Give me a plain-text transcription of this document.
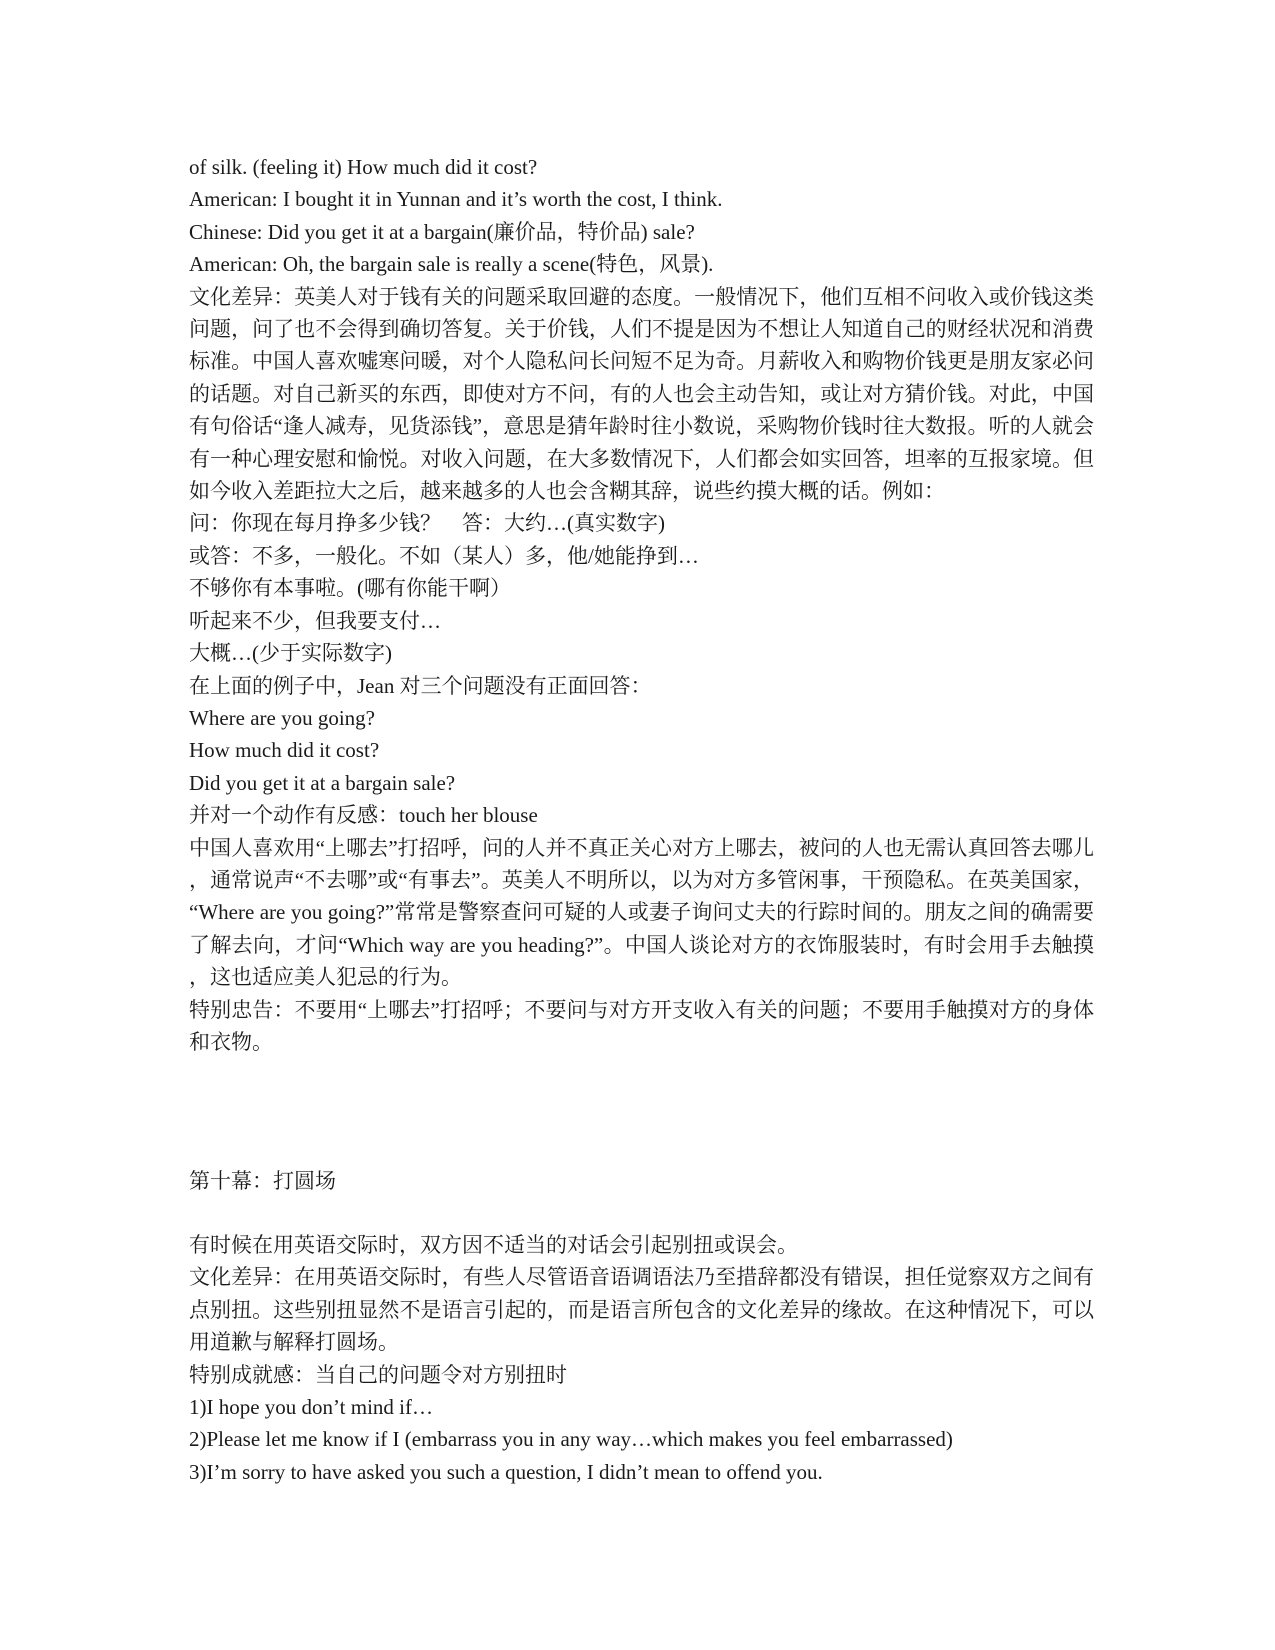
of silk. (feeling it) How much did it cost?
American: I bought it in Yunnan and it’s worth the cost, I think.
Chinese: Did you get it at a bargain(廉价品，特价品) sale?
American: Oh, the bargain sale is really a scene(特色，风景).
文化差异：英美人对于钱有关的问题采取回避的态度。一般情况下，他们互相不问收入或价钱这类问题，问了也不会得到确切答复。关于价钱，人们不提是因为不想让人知道自己的财经状况和消费标准。中国人喜欢嘘寒问暖，对个人隐私问长问短不足为奇。月薪收入和购物价钱更是朋友家必问的话题。对自己新买的东西，即使对方不问，有的人也会主动告知，或让对方猜价钱。对此，中国有句俗话“逢人减寿，见货添钱”，意思是猜年龄时往小数说，采购物价钱时往大数报。听的人就会有一种心理安慰和愉悦。对收入问题，在大多数情况下，人们都会如实回答，坦率的互报家境。但如今收入差距拉大之后，越来越多的人也会含糊其辞，说些约摸大概的话。例如：
问：你现在每月挣多少钱？　答：大约…(真实数字)
或答：不多，一般化。不如（某人）多，他/她能挣到…
不够你有本事啦。(哪有你能干啊）
听起来不少，但我要支付…
大概…(少于实际数字)
在上面的例子中，Jean 对三个问题没有正面回答：
Where are you going?
How much did it cost?
Did you get it at a bargain sale?
并对一个动作有反感：touch her blouse
中国人喜欢用“上哪去”打招呼，问的人并不真正关心对方上哪去，被问的人也无需认真回答去哪儿，通常说声“不去哪”或“有事去”。英美人不明所以，以为对方多管闲事，干预隐私。在英美国家，“Where are you going?”常常是警察查问可疑的人或妻子询问丈夫的行踪时间的。朋友之间的确需要了解去向，才问“Which way are you heading?”。中国人谈论对方的衣饰服装时，有时会用手去触摸，这也适应美人犯忌的行为。
特别忠告：不要用“上哪去”打招呼；不要问与对方开支收入有关的问题；不要用手触摸对方的身体和衣物。
第十幕：打圆场
有时候在用英语交际时，双方因不适当的对话会引起别扭或误会。
文化差异：在用英语交际时，有些人尽管语音语调语法乃至措辞都没有错误，担任觉察双方之间有点别扭。这些别扭显然不是语言引起的，而是语言所包含的文化差异的缘故。在这种情况下，可以用道歉与解释打圆场。
特别成就感：当自己的问题令对方别扭时
1)I hope you don’t mind if…
2)Please let me know if I (embarrass you in any way…which makes you feel embarrassed)
3)I’m sorry to have asked you such a question, I didn’t mean to offend you.
